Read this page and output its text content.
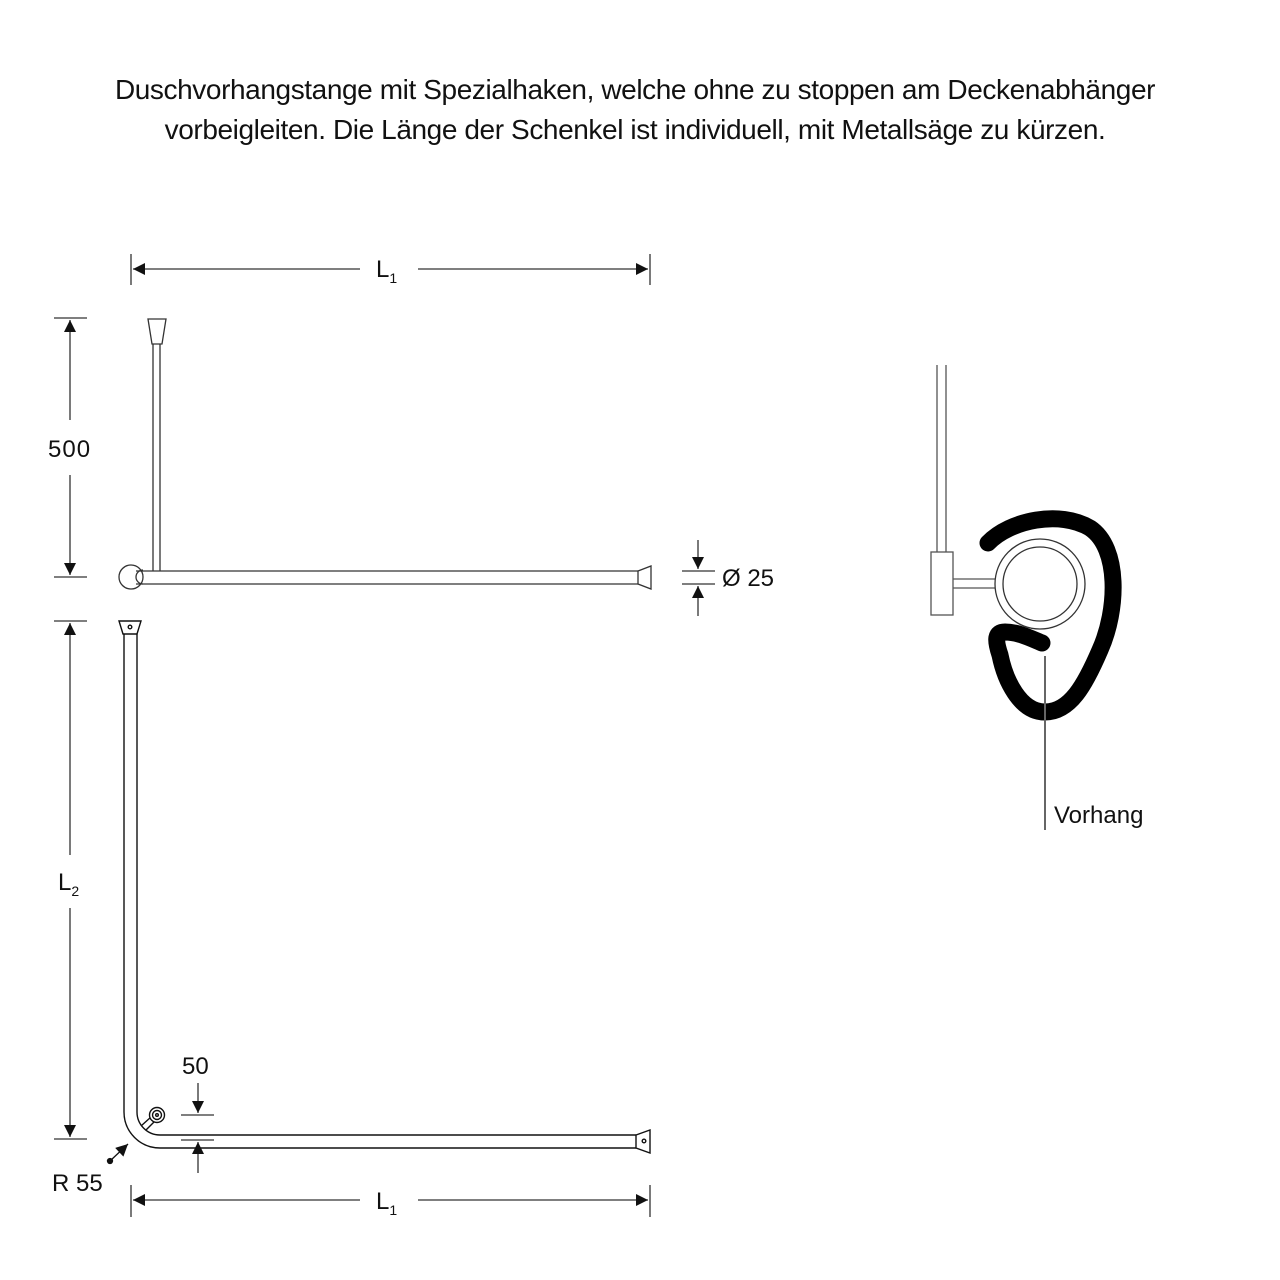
Duschvorhangstange mit Spezialhaken, welche ohne zu stoppen am Deckenabhänger
vorbeigleiten. Die Länge der Schenkel ist individuell, mit Metallsäge zu kürzen.
$L_1$
500
Ø 25
$L_2$
50
R 55
$L_1$
Vorhang
